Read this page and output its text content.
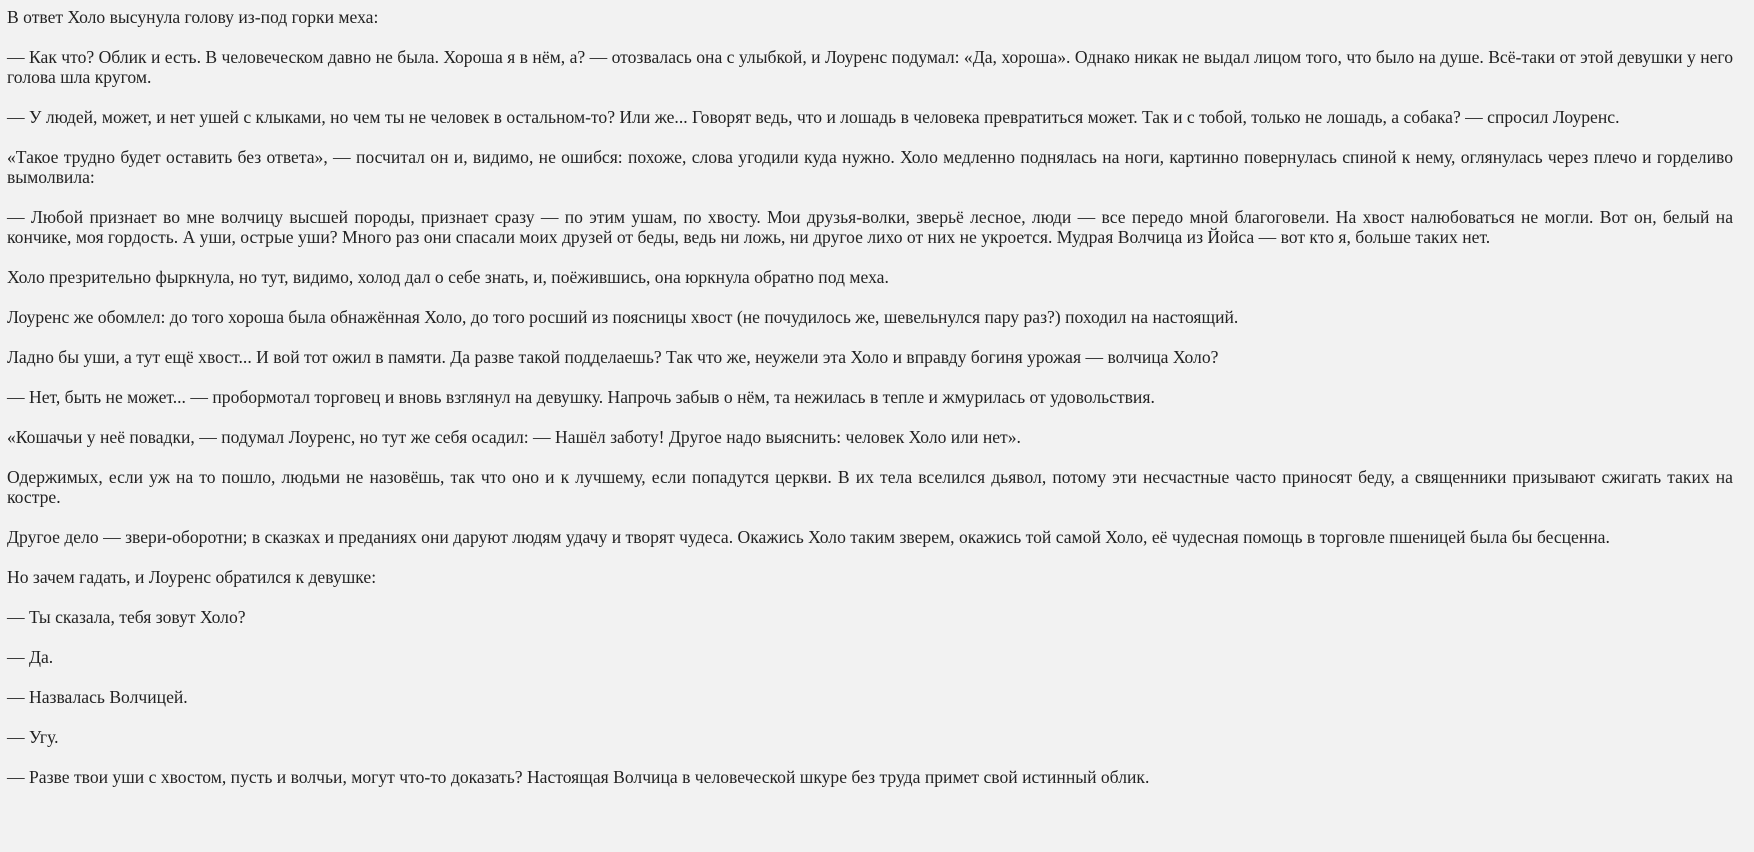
В ответ Холо высунула голову из-под горки меха:

— Как что? Облик и есть. В человеческом давно не была. Хороша я в нём, а? — отозвалась она с улыбкой, и Лоуренс подумал: «Да, хороша». Однако никак не выдал лицом того, что было на душе. Всё-таки от этой девушки у него голова шла кругом.

— У людей, может, и нет ушей с клыками, но чем ты не человек в остальном-то? Или же... Говорят ведь, что и лошадь в человека превратиться может. Так и с тобой, только не лошадь, а собака? — спросил Лоуренс.

«Такое трудно будет оставить без ответа», — посчитал он и, видимо, не ошибся: похоже, слова угодили куда нужно. Холо медленно поднялась на ноги, картинно повернулась спиной к нему, оглянулась через плечо и горделиво вымолвила:

— Любой признает во мне волчицу высшей породы, признает сразу — по этим ушам, по хвосту. Мои друзья-волки, зверьё лесное, люди — все передо мной благоговели. На хвост налюбоваться не могли. Вот он, белый на кончике, моя гордость. А уши, острые уши? Много раз они спасали моих друзей от беды, ведь ни ложь, ни другое лихо от них не укроется. Мудрая Волчица из Йойса — вот кто я, больше таких нет.

Холо презрительно фыркнула, но тут, видимо, холод дал о себе знать, и, поёжившись, она юркнула обратно под меха.

Лоуренс же обомлел: до того хороша была обнажённая Холо, до того росший из поясницы хвост (не почудилось же, шевельнулся пару раз?) походил на настоящий.

Ладно бы уши, а тут ещё хвост... И вой тот ожил в памяти. Да разве такой подделаешь? Так что же, неужели эта Холо и вправду богиня урожая — волчица Холо?

— Нет, быть не может... — пробормотал торговец и вновь взглянул на девушку. Напрочь забыв о нём, та нежилась в тепле и жмурилась от удовольствия.

«Кошачьи у неё повадки, — подумал Лоуренс, но тут же себя осадил: — Нашёл заботу! Другое надо выяснить: человек Холо или нет».

Одержимых, если уж на то пошло, людьми не назовёшь, так что оно и к лучшему, если попадутся церкви. В их тела вселился дьявол, потому эти несчастные часто приносят беду, а священники призывают сжигать таких на костре.

Другое дело — звери-оборотни; в сказках и преданиях они даруют людям удачу и творят чудеса. Окажись Холо таким зверем, окажись той самой Холо, её чудесная помощь в торговле пшеницей была бы бесценна.

Но зачем гадать, и Лоуренс обратился к девушке:

— Ты сказала, тебя зовут Холо?

— Да.

— Назвалась Волчицей.

— Угу.

— Разве твои уши с хвостом, пусть и волчьи, могут что-то доказать? Настоящая Волчица в человеческой шкуре без труда примет свой истинный облик.
